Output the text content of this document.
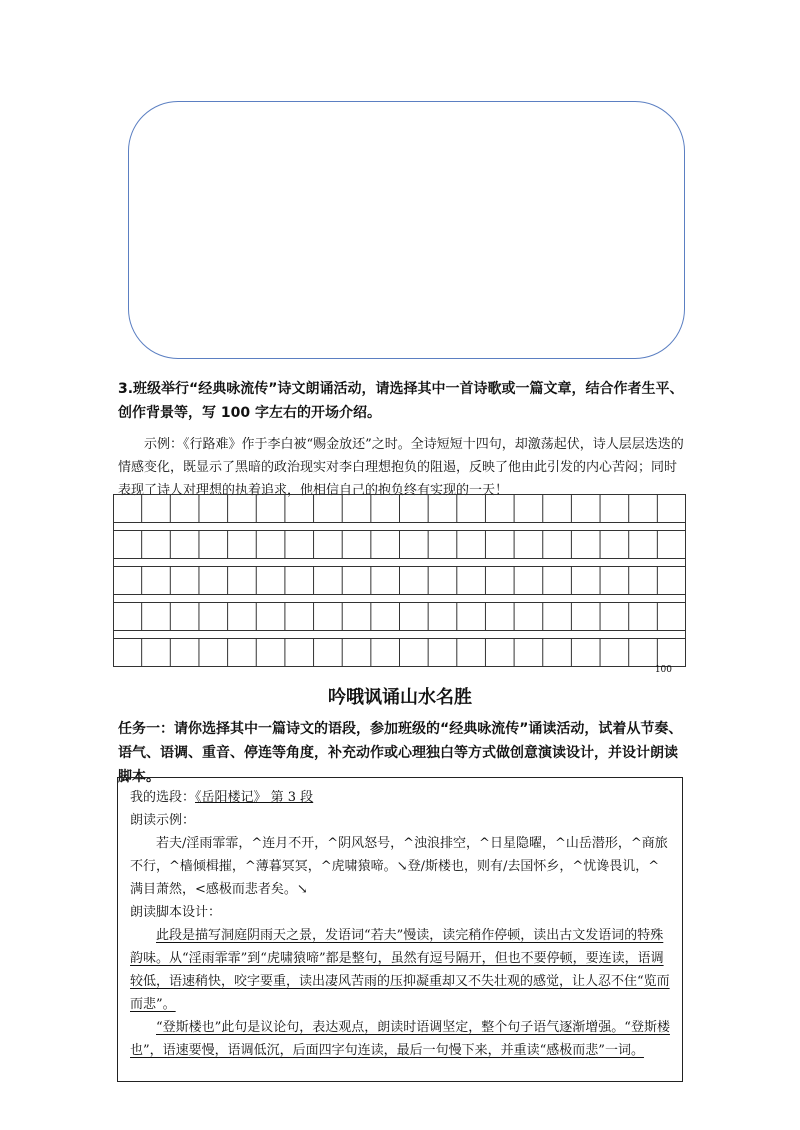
3.班级举行“经典咏流传”诗文朗诵活动，请选择其中一首诗歌或一篇文章，结合作者生平、创作背景等，写 100 字左右的开场介绍。

示例：《行路难》作于李白被“赐金放还”之时。全诗短短十四句，却激荡起伏，诗人层层迭迭的情感变化，既显示了黑暗的政治现实对李白理想抱负的阻遏，反映了他由此引发的内心苦闷；同时表现了诗人对理想的执着追求，他相信自己的抱负终有实现的一天！

100
吟哦讽诵山水名胜
任务一：请你选择其中一篇诗文的语段，参加班级的“经典咏流传”诵读活动，试着从节奏、语气、语调、重音、停连等角度，补充动作或心理独白等方式做创意演读设计，并设计朗读脚本。

我的选段：《岳阳楼记》 第 3 段

朗读示例：

若夫/淫雨霏霏，^连月不开，^阴风怒号，^浊浪排空，^日星隐曜，^山岳潜形，^商旅不行，^樯倾楫摧，^薄暮冥冥，^虎啸猿啼。↘登/斯楼也，则有/去国怀乡，^忧谗畏讥，^满目萧然，<感极而悲者矣。↘

朗读脚本设计：

此段是描写洞庭阴雨天之景，发语词“若夫”慢读，读完稍作停顿，读出古文发语词的特殊韵味。从“淫雨霏霏”到“虎啸猿啼”都是整句，虽然有逗号隔开，但也不要停顿，要连读，语调较低，语速稍快，咬字要重，读出凄风苦雨的压抑凝重却又不失壮观的感觉，让人忍不住“览而而悲”。

“登斯楼也”此句是议论句，表达观点，朗读时语调坚定，整个句子语气逐渐增强。“登斯楼也”，语速要慢，语调低沉，后面四字句连读，最后一句慢下来，并重读“感极而悲”一词。
